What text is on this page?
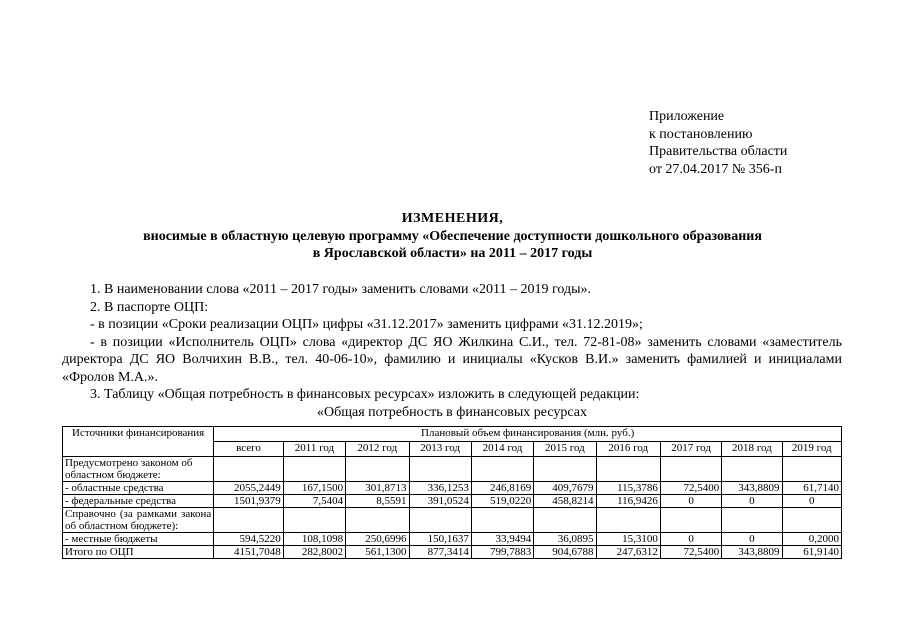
Приложение
к постановлению
Правительства области
от 27.04.2017 № 356-п
ИЗМЕНЕНИЯ,
вносимые в областную целевую программу «Обеспечение доступности дошкольного образования
в Ярославской области» на 2011 – 2017 годы
1. В наименовании слова «2011 – 2017 годы» заменить словами «2011 – 2019 годы».
2. В паспорте ОЦП:
- в позиции «Сроки реализации ОЦП» цифры «31.12.2017» заменить цифрами «31.12.2019»;
- в позиции «Исполнитель ОЦП» слова «директор ДС ЯО Жилкина С.И., тел. 72-81-08» заменить словами «заместитель директора ДС ЯО Волчихин В.В., тел. 40-06-10», фамилию и инициалы «Кусков В.И.» заменить фамилией и инициалами «Фролов М.А.».
3. Таблицу «Общая потребность в финансовых ресурсах» изложить в следующей редакции:
«Общая потребность в финансовых ресурсах
Источники финансирования	Плановый объем финансирования (млн. руб.)									
	всего	2011 год	2012 год	2013 год	2014 год	2015 год	2016 год	2017 год	2018 год	2019 год
Предусмотрено законом об областном бюджете:										
- областные средства	2055,2449	167,1500	301,8713	336,1253	246,8169	409,7679	115,3786	72,5400	343,8809	61,7140
- федеральные средства	1501,9379	7,5404	8,5591	391,0524	519,0220	458,8214	116,9426	0	0	0
Справочно (за рамками закона об областном бюджете):										
- местные бюджеты	594,5220	108,1098	250,6996	150,1637	33,9494	36,0895	15,3100	0	0	0,2000
Итого по ОЦП	4151,7048	282,8002	561,1300	877,3414	799,7883	904,6788	247,6312	72,5400	343,8809	61,9140
